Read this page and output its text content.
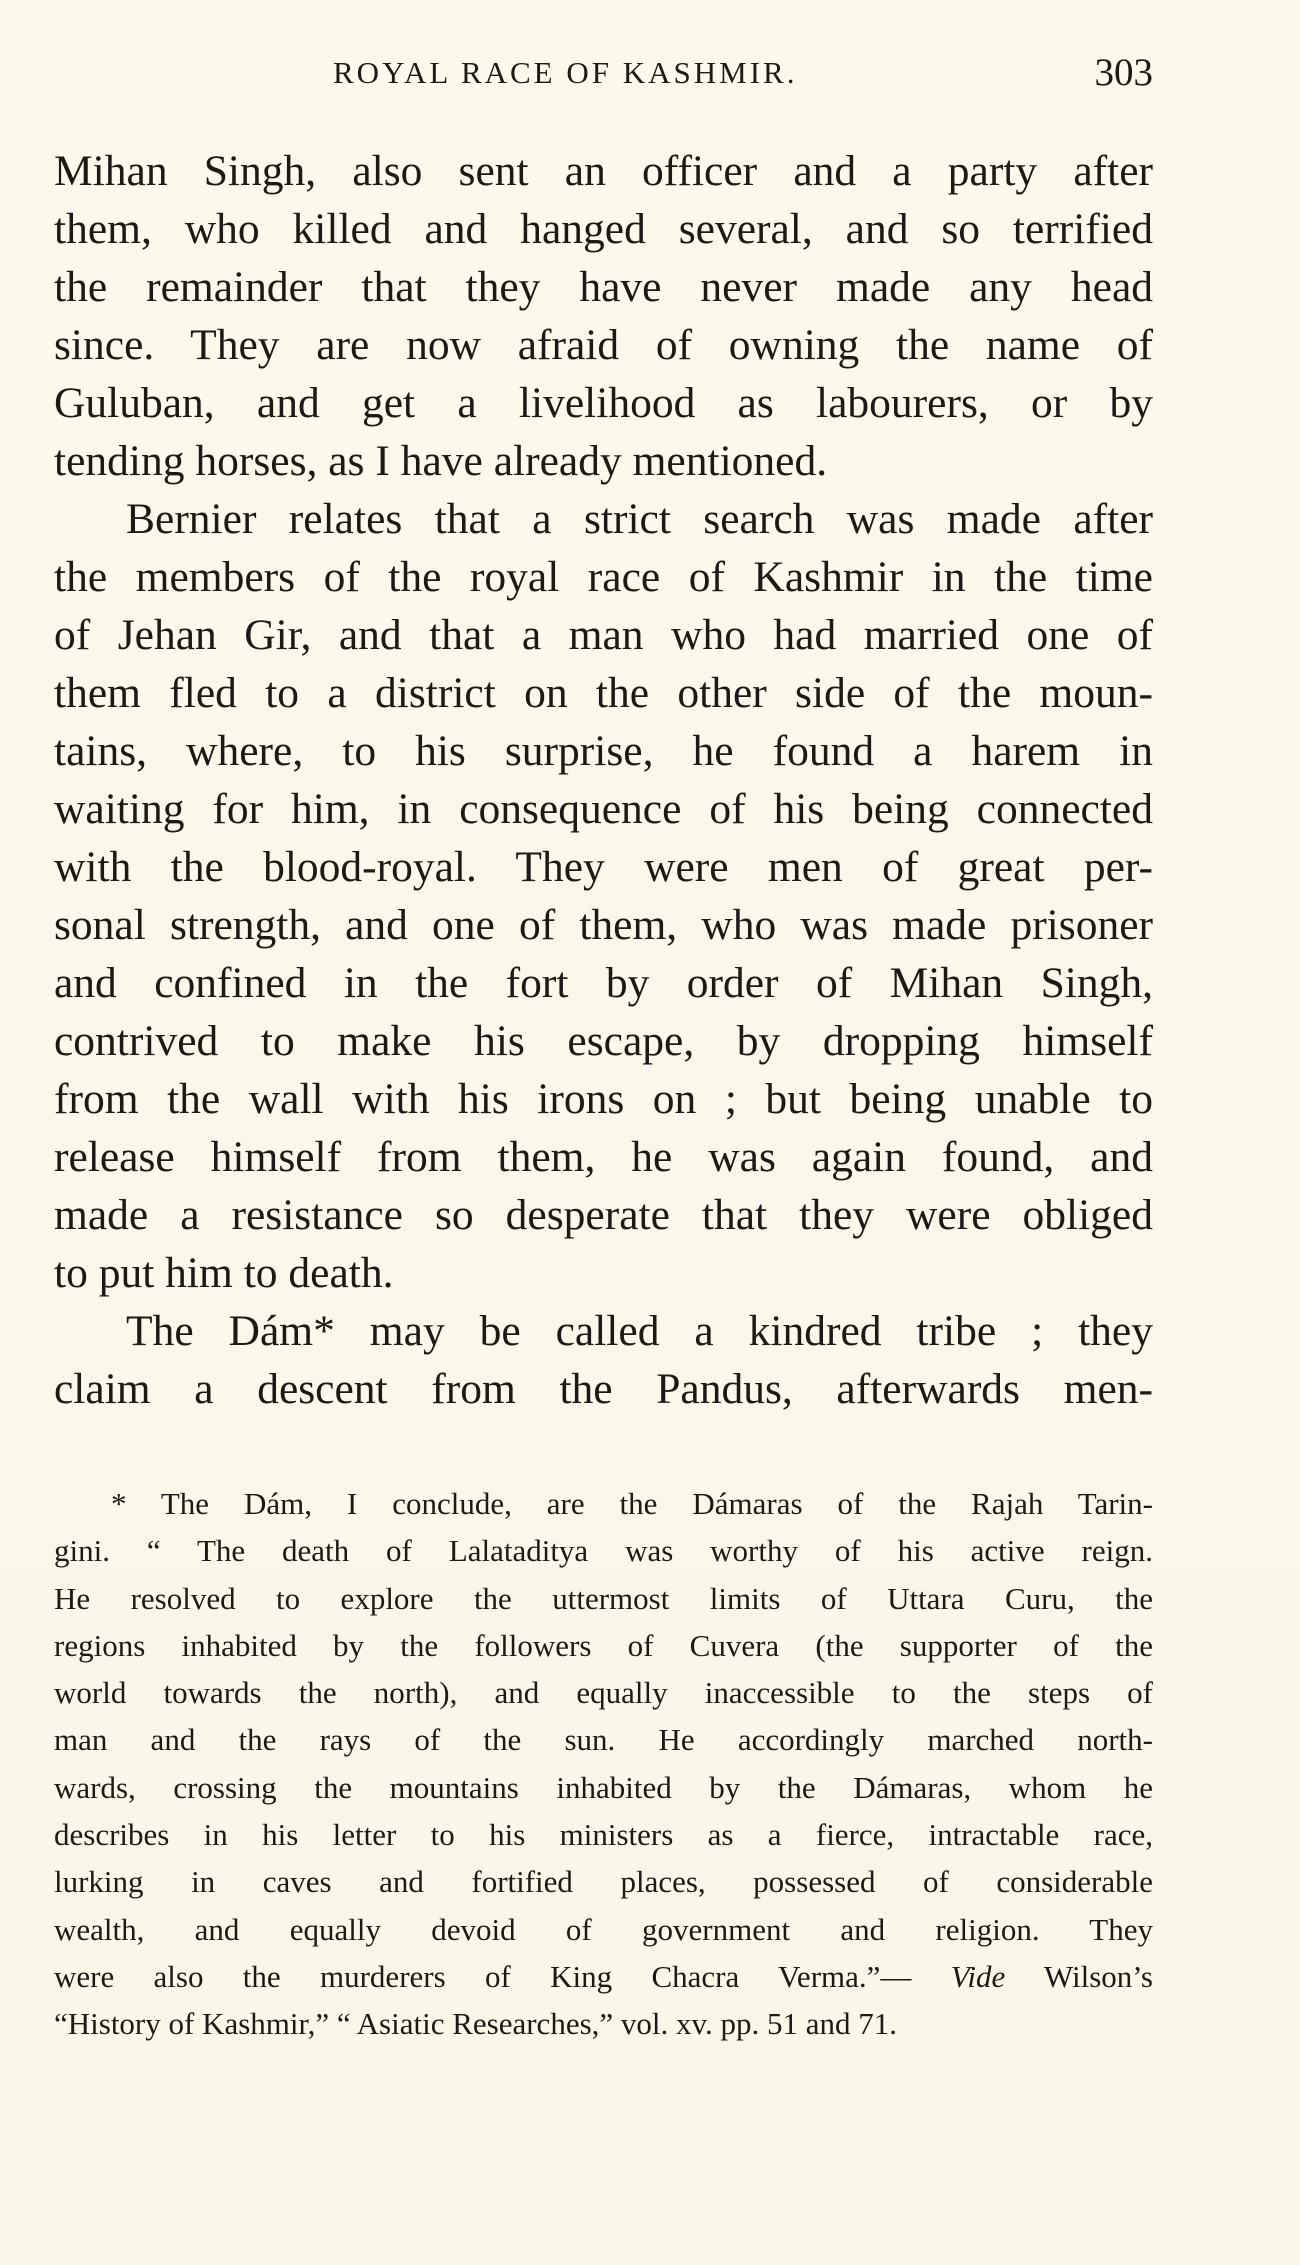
ROYAL RACE OF KASHMIR.	303
Mihan Singh, also sent an officer and a party after
them, who killed and hanged several, and so terrified
the remainder that they have never made any head
since. They are now afraid of owning the name of
Guluban, and get a livelihood as labourers, or by
tending horses, as I have already mentioned.
Bernier relates that a strict search was made after
the members of the royal race of Kashmir in the time
of Jehan Gir, and that a man who had married one of
them fled to a district on the other side of the moun-
tains, where, to his surprise, he found a harem in
waiting for him, in consequence of his being connected
with the blood-royal. They were men of great per-
sonal strength, and one of them, who was made prisoner
and confined in the fort by order of Mihan Singh,
contrived to make his escape, by dropping himself
from the wall with his irons on ; but being unable to
release himself from them, he was again found, and
made a resistance so desperate that they were obliged
to put him to death.
The Dám* may be called a kindred tribe ; they
claim a descent from the Pandus, afterwards men-
* The Dám, I conclude, are the Dámaras of the Rajah Tarin-
gini. “ The death of Lalataditya was worthy of his active reign.
He resolved to explore the uttermost limits of Uttara Curu, the
regions inhabited by the followers of Cuvera (the supporter of the
world towards the north), and equally inaccessible to the steps of
man and the rays of the sun. He accordingly marched north-
wards, crossing the mountains inhabited by the Dámaras, whom he
describes in his letter to his ministers as a fierce, intractable race,
lurking in caves and fortified places, possessed of considerable
wealth, and equally devoid of government and religion. They
were also the murderers of King Chacra Verma.”— Vide Wilson’s
“History of Kashmir,” “ Asiatic Researches,” vol. xv. pp. 51 and 71.
